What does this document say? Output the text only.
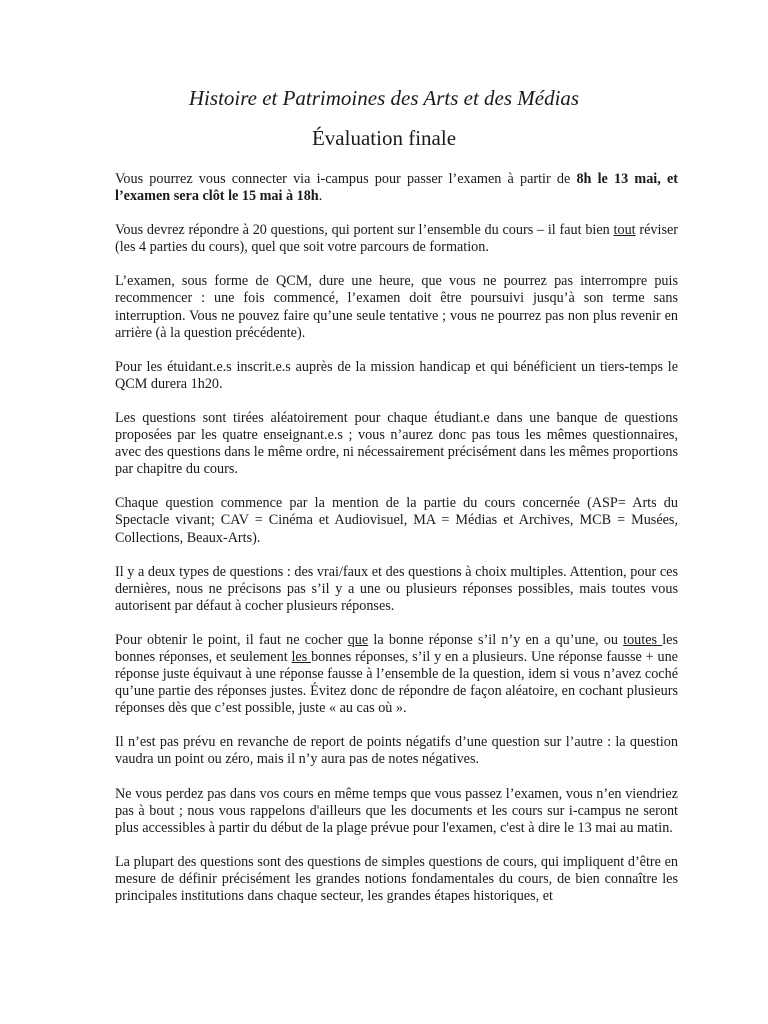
Histoire et Patrimoines des Arts et des Médias
Évaluation finale

Vous pourrez vous connecter via i-campus pour passer l’examen à partir de 8h le 13 mai, et l’examen sera clôt le 15 mai à 18h.

Vous devrez répondre à 20 questions, qui portent sur l’ensemble du cours – il faut bien tout réviser (les 4 parties du cours), quel que soit votre parcours de formation.

L’examen, sous forme de QCM, dure une heure, que vous ne pourrez pas interrompre puis recommencer : une fois commencé, l’examen doit être poursuivi jusqu’à son terme sans interruption. Vous ne pouvez faire qu’une seule tentative ; vous ne pourrez pas non plus revenir en arrière (à la question précédente).

Pour les étuidant.e.s inscrit.e.s auprès de la mission handicap et qui bénéficient un tiers-temps le QCM durera 1h20.

Les questions sont tirées aléatoirement pour chaque étudiant.e dans une banque de questions proposées par les quatre enseignant.e.s ; vous n’aurez donc pas tous les mêmes questionnaires, avec des questions dans le même ordre, ni nécessairement précisément dans les mêmes proportions par chapitre du cours.

Chaque question commence par la mention de la partie du cours concernée (ASP= Arts du Spectacle vivant; CAV = Cinéma et Audiovisuel, MA = Médias et Archives, MCB = Musées, Collections, Beaux-Arts).

Il y a deux types de questions : des vrai/faux et des questions à choix multiples. Attention, pour ces dernières, nous ne précisons pas s’il y a une ou plusieurs réponses possibles, mais toutes vous autorisent par défaut à cocher plusieurs réponses.

Pour obtenir le point, il faut ne cocher que la bonne réponse s’il n’y en a qu’une, ou toutes les bonnes réponses, et seulement les bonnes réponses, s’il y en a plusieurs. Une réponse fausse + une réponse juste équivaut à une réponse fausse à l’ensemble de la question, idem si vous n’avez coché qu’une partie des réponses justes. Évitez donc de répondre de façon aléatoire, en cochant plusieurs réponses dès que c’est possible, juste « au cas où ».

Il n’est pas prévu en revanche de report de points négatifs d’une question sur l’autre : la question vaudra un point ou zéro, mais il n’y aura pas de notes négatives.

Ne vous perdez pas dans vos cours en même temps que vous passez l’examen, vous n’en viendriez pas à bout ; nous vous rappelons d'ailleurs que les documents et les cours sur i-campus ne seront plus accessibles à partir du début de la plage prévue pour l'examen, c'est à dire le 13 mai au matin.

La plupart des questions sont des questions de simples questions de cours, qui impliquent d’être en mesure de définir précisément les grandes notions fondamentales du cours, de bien connaître les principales institutions dans chaque secteur, les grandes étapes historiques, et
